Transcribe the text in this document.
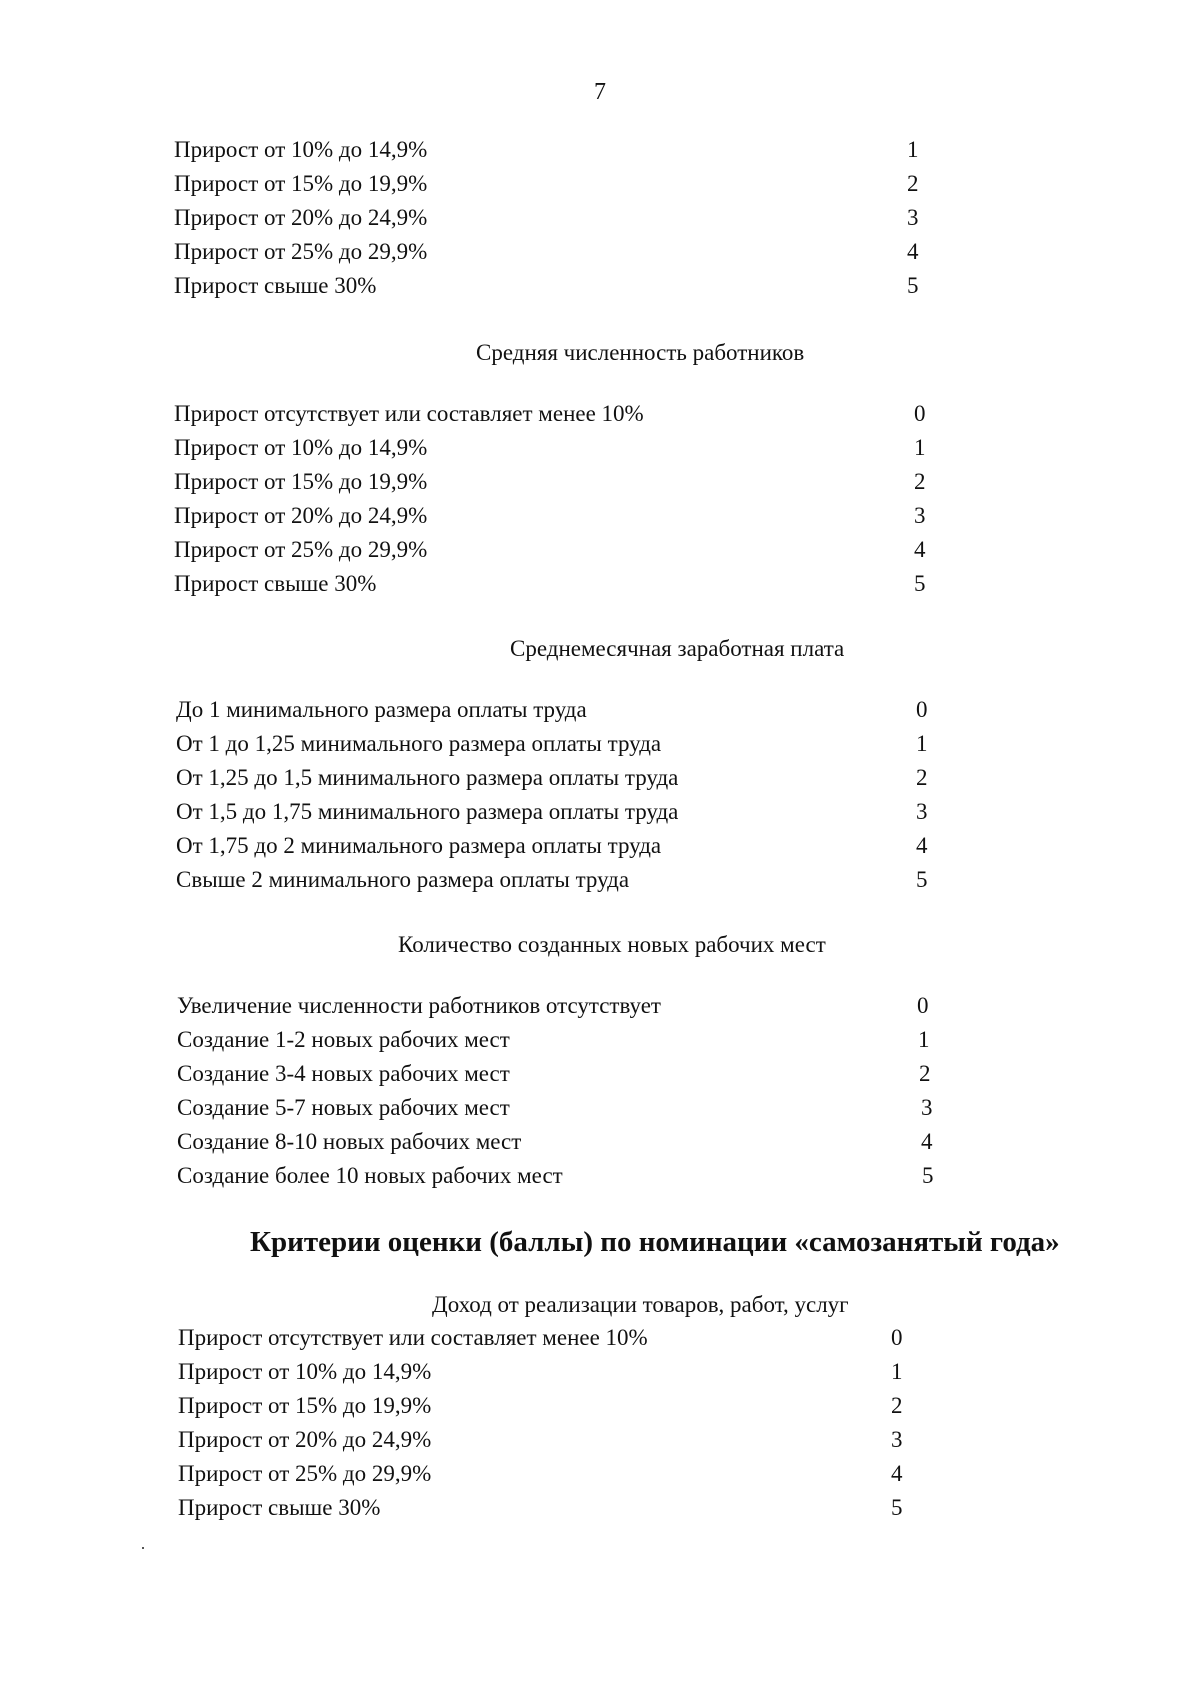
7
Прирост от 10% до 14,9%	1
Прирост от 15% до 19,9%	2
Прирост от 20% до 24,9%	3
Прирост от 25% до 29,9%	4
Прирост свыше 30%	5
Средняя численность работников
Прирост отсутствует или составляет менее 10%	0
Прирост от 10% до 14,9%	1
Прирост от 15% до 19,9%	2
Прирост от 20% до 24,9%	3
Прирост от 25% до 29,9%	4
Прирост свыше 30%	5
Среднемесячная заработная плата
До 1 минимального размера оплаты труда	0
От 1 до 1,25 минимального размера оплаты труда	1
От 1,25 до 1,5 минимального размера оплаты труда	2
От 1,5 до 1,75 минимального размера оплаты труда	3
От 1,75 до 2 минимального размера оплаты труда	4
Свыше 2 минимального размера оплаты труда	5
Количество созданных новых рабочих мест
Увеличение численности работников отсутствует	0
Создание 1-2 новых рабочих мест	1
Создание 3-4 новых рабочих мест	2
Создание 5-7 новых рабочих мест	3
Создание 8-10 новых рабочих мест	4
Создание более 10 новых рабочих мест	5
Критерии оценки (баллы) по номинации «самозанятый года»
Доход от реализации товаров, работ, услуг
Прирост отсутствует или составляет менее 10%	0
Прирост от 10% до 14,9%	1
Прирост от 15% до 19,9%	2
Прирост от 20% до 24,9%	3
Прирост от 25% до 29,9%	4
Прирост свыше 30%	5
